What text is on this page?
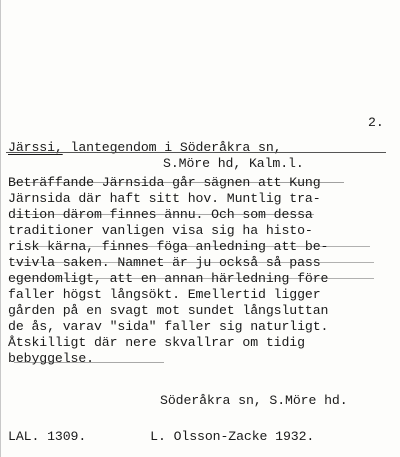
2.
Järssi, lantegendom i Söderåkra sn,
S.Möre hd, Kalm.l.
Beträffande Järnsida går sägnen att Kung
Järnsida där haft sitt hov. Muntlig tra-
dition därom finnes ännu. Och som dessa
traditioner vanligen visa sig ha histo-
risk kärna, finnes föga anledning att be-
tvivla saken. Namnet är ju också så pass
egendomligt, att en annan härledning före
faller högst långsökt. Emellertid ligger
gården på en svagt mot sundet långsluttan
de ås, varav "sida" faller sig naturligt.
Åtskilligt där nere skvallrar om tidig
bebyggelse.
Söderåkra sn, S.Möre hd.
LAL. 1309.	L. Olsson-Zacke 1932.
